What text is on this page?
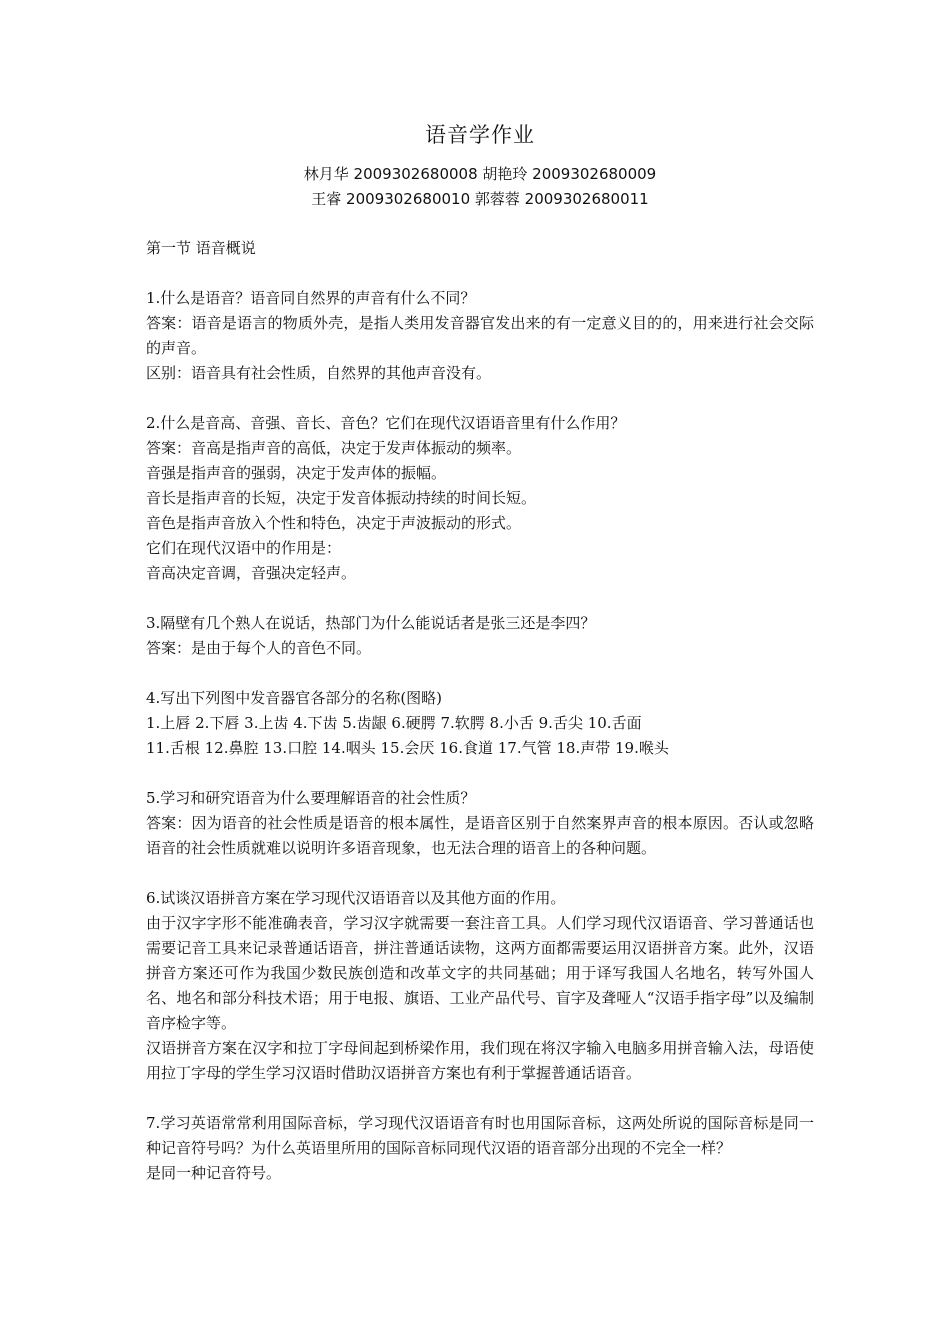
语音学作业
林月华 2009302680008 胡艳玲 2009302680009
王睿 2009302680010 郭蓉蓉 2009302680011
第一节 语音概说
1.什么是语音？语音同自然界的声音有什么不同？
答案：语音是语言的物质外壳，是指人类用发音器官发出来的有一定意义目的的，用来进行社会交际的声音。
区别：语音具有社会性质，自然界的其他声音没有。
2.什么是音高、音强、音长、音色？它们在现代汉语语音里有什么作用？
答案：音高是指声音的高低，决定于发声体振动的频率。
音强是指声音的强弱，决定于发声体的振幅。
音长是指声音的长短，决定于发音体振动持续的时间长短。
音色是指声音放入个性和特色，决定于声波振动的形式。
它们在现代汉语中的作用是：
音高决定音调，音强决定轻声。
3.隔壁有几个熟人在说话，热部门为什么能说话者是张三还是李四？
答案：是由于每个人的音色不同。
4.写出下列图中发音器官各部分的名称(图略)
1.上唇 2.下唇 3.上齿 4.下齿 5.齿龈 6.硬腭 7.软腭 8.小舌 9.舌尖 10.舌面
11.舌根 12.鼻腔 13.口腔 14.咽头 15.会厌 16.食道 17.气管 18.声带 19.喉头
5.学习和研究语音为什么要理解语音的社会性质？
答案：因为语音的社会性质是语音的根本属性，是语音区别于自然案界声音的根本原因。否认或忽略语音的社会性质就难以说明许多语音现象，也无法合理的语音上的各种问题。
6.试谈汉语拼音方案在学习现代汉语语音以及其他方面的作用。
由于汉字字形不能准确表音，学习汉字就需要一套注音工具。人们学习现代汉语语音、学习普通话也需要记音工具来记录普通话语音，拼注普通话读物，这两方面都需要运用汉语拼音方案。此外，汉语拼音方案还可作为我国少数民族创造和改革文字的共同基础；用于译写我国人名地名，转写外国人名、地名和部分科技术语；用于电报、旗语、工业产品代号、盲字及聋哑人“汉语手指字母”以及编制音序检字等。
汉语拼音方案在汉字和拉丁字母间起到桥梁作用，我们现在将汉字输入电脑多用拼音输入法，母语使用拉丁字母的学生学习汉语时借助汉语拼音方案也有利于掌握普通话语音。
7.学习英语常常利用国际音标，学习现代汉语语音有时也用国际音标，这两处所说的国际音标是同一种记音符号吗？为什么英语里所用的国际音标同现代汉语的语音部分出现的不完全一样？
是同一种记音符号。
